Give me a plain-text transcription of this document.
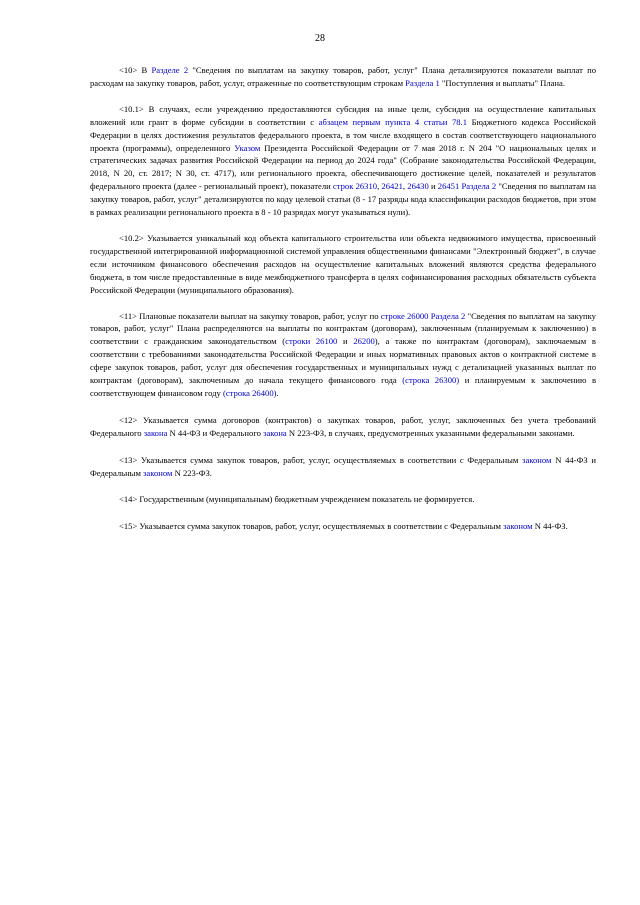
28

<10> В Разделе 2 "Сведения по выплатам на закупку товаров, работ, услуг" Плана детализируются показатели выплат по расходам на закупку товаров, работ, услуг, отраженные по соответствующим строкам Раздела 1 "Поступления и выплаты" Плана.

<10.1> В случаях, если учреждению предоставляются субсидия на иные цели, субсидия на осуществление капитальных вложений или грант в форме субсидии в соответствии с абзацем первым пункта 4 статьи 78.1 Бюджетного кодекса Российской Федерации в целях достижения результатов федерального проекта, в том числе входящего в состав соответствующего национального проекта (программы), определенного Указом Президента Российской Федерации от 7 мая 2018 г. N 204 "О национальных целях и стратегических задачах развития Российской Федерации на период до 2024 года" (Собрание законодательства Российской Федерации, 2018, N 20, ст. 2817; N 30, ст. 4717), или регионального проекта, обеспечивающего достижение целей, показателей и результатов федерального проекта (далее - региональный проект), показатели строк 26310, 26421, 26430 и 26451 Раздела 2 "Сведения по выплатам на закупку товаров, работ, услуг" детализируются по коду целевой статьи (8 - 17 разряды кода классификации расходов бюджетов, при этом в рамках реализации регионального проекта в 8 - 10 разрядах могут указываться нули).

<10.2> Указывается уникальный код объекта капитального строительства или объекта недвижимого имущества, присвоенный государственной интегрированной информационной системой управления общественными финансами "Электронный бюджет", в случае если источником финансового обеспечения расходов на осуществление капитальных вложений являются средства федерального бюджета, в том числе предоставленные в виде межбюджетного трансферта в целях софинансирования расходных обязательств субъекта Российской Федерации (муниципального образования).

<11> Плановые показатели выплат на закупку товаров, работ, услуг по строке 26000 Раздела 2 "Сведения по выплатам на закупку товаров, работ, услуг" Плана распределяются на выплаты по контрактам (договорам), заключенным (планируемым к заключению) в соответствии с гражданским законодательством (строки 26100 и 26200), а также по контрактам (договорам), заключаемым в соответствии с требованиями законодательства Российской Федерации и иных нормативных правовых актов о контрактной системе в сфере закупок товаров, работ, услуг для обеспечения государственных и муниципальных нужд с детализацией указанных выплат по контрактам (договорам), заключенным до начала текущего финансового года (строка 26300) и планируемым к заключению в соответствующем финансовом году (строка 26400).

<12> Указывается сумма договоров (контрактов) о закупках товаров, работ, услуг, заключенных без учета требований Федерального закона N 44-ФЗ и Федерального закона N 223-ФЗ, в случаях, предусмотренных указанными федеральными законами.

<13> Указывается сумма закупок товаров, работ, услуг, осуществляемых в соответствии с Федеральным законом N 44-ФЗ и Федеральным законом N 223-ФЗ.

<14> Государственным (муниципальным) бюджетным учреждением показатель не формируется.

<15> Указывается сумма закупок товаров, работ, услуг, осуществляемых в соответствии с Федеральным законом N 44-ФЗ.
